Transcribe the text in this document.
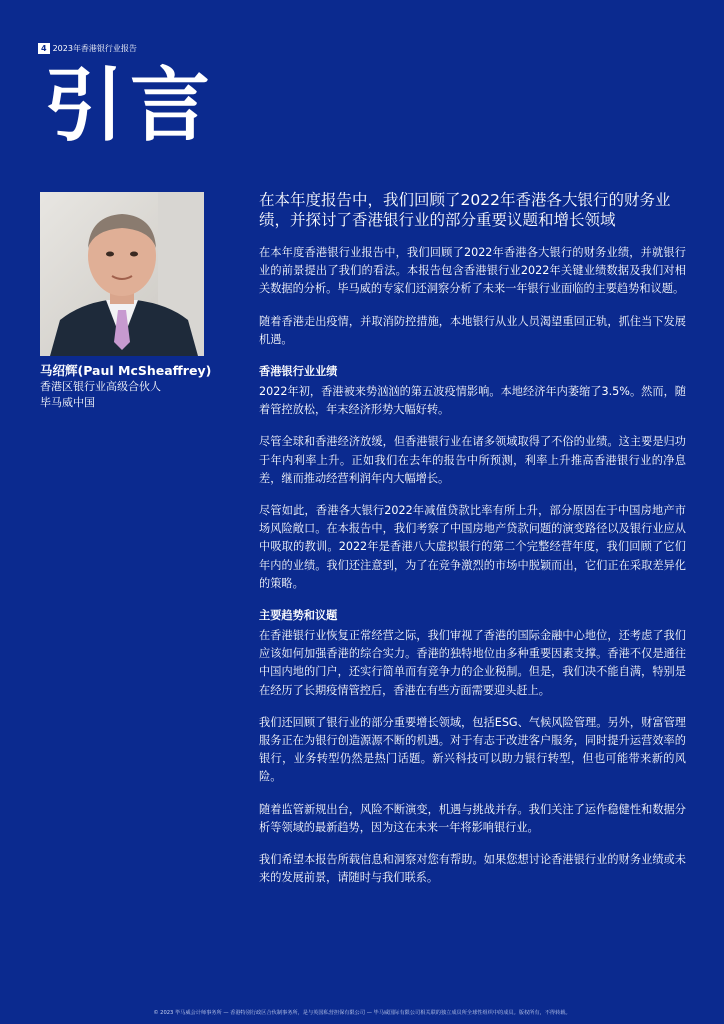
4 2023年香港银行业报告
引言
马绍辉(Paul McSheaffrey)
香港区银行业高级合伙人
毕马威中国

在本年度报告中，我们回顾了2022年香港各大银行的财务业绩，并探讨了香港银行业的部分重要议题和增长领域

在本年度香港银行业报告中，我们回顾了2022年香港各大银行的财务业绩，并就银行业的前景提出了我们的看法。本报告包含香港银行业2022年关键业绩数据及我们对相关数据的分析。毕马威的专家们还洞察分析了未来一年银行业面临的主要趋势和议题。

随着香港走出疫情，并取消防控措施，本地银行从业人员渴望重回正轨，抓住当下发展机遇。

香港银行业业绩

2022年初，香港被来势汹汹的第五波疫情影响。本地经济年内萎缩了3.5%。然而，随着管控放松，年末经济形势大幅好转。

尽管全球和香港经济放缓，但香港银行业在诸多领域取得了不俗的业绩。这主要是归功于年内利率上升。正如我们在去年的报告中所预测，利率上升推高香港银行业的净息差，继而推动经营利润年内大幅增长。

尽管如此，香港各大银行2022年减值贷款比率有所上升，部分原因在于中国房地产市场风险敞口。在本报告中，我们考察了中国房地产贷款问题的演变路径以及银行业应从中吸取的教训。2022年是香港八大虚拟银行的第二个完整经营年度，我们回顾了它们年内的业绩。我们还注意到，为了在竞争激烈的市场中脱颖而出，它们正在采取差异化的策略。

主要趋势和议题

在香港银行业恢复正常经营之际，我们审视了香港的国际金融中心地位，还考虑了我们应该如何加强香港的综合实力。香港的独特地位由多种重要因素支撑。香港不仅是通往中国内地的门户，还实行简单而有竞争力的企业税制。但是，我们决不能自满，特别是在经历了长期疫情管控后，香港在有些方面需要迎头赶上。

我们还回顾了银行业的部分重要增长领域，包括ESG、气候风险管理。另外，财富管理服务正在为银行创造源源不断的机遇。对于有志于改进客户服务，同时提升运营效率的银行，业务转型仍然是热门话题。新兴科技可以助力银行转型，但也可能带来新的风险。

随着监管新规出台，风险不断演变，机遇与挑战并存。我们关注了运作稳健性和数据分析等领域的最新趋势，因为这在未来一年将影响银行业。

我们希望本报告所载信息和洞察对您有帮助。如果您想讨论香港银行业的财务业绩或未来的发展前景，请随时与我们联系。

© 2023 毕马威会计师事务所 — 香港特别行政区合伙制事务所，是与英国私营担保有限公司 — 毕马威国际有限公司相关联的独立成员所全球性组织中的成员。版权所有，不得转载。
